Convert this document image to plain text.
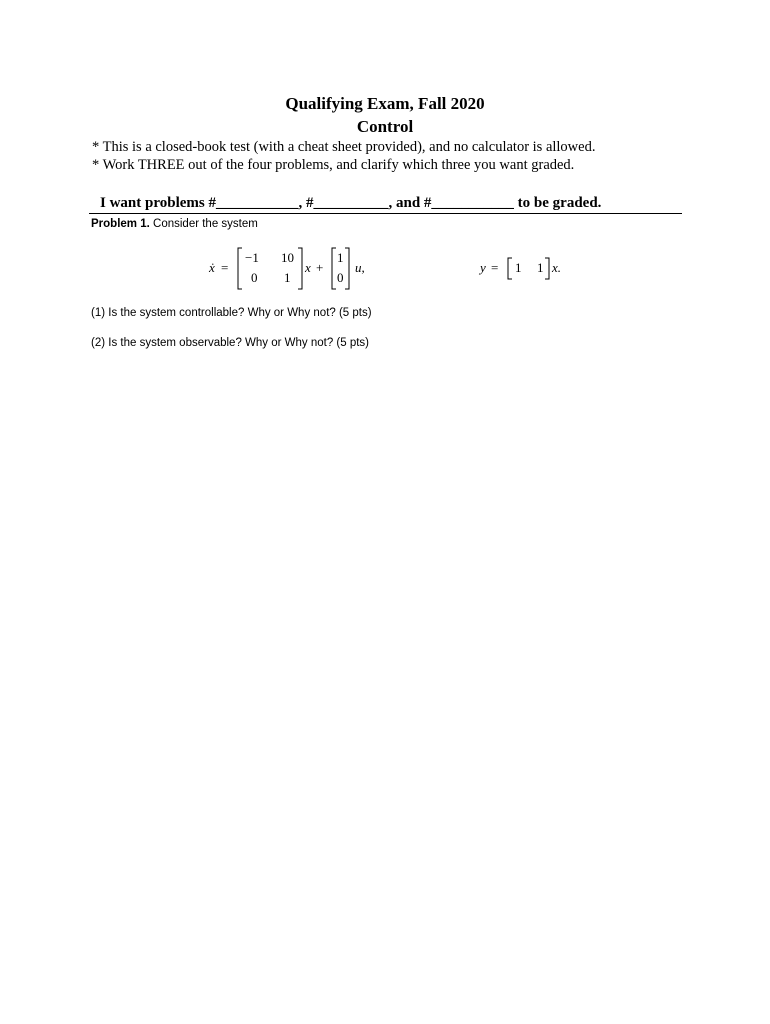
Qualifying Exam, Fall 2020
Control
* This is a closed-book test (with a cheat sheet provided), and no calculator is allowed.
* Work THREE out of the four problems, and clarify which three you want graded.
I want problems #___________, #__________, and #___________ to be graded.
Problem 1. Consider the system
ẋ =
−1 10
0 1
x +
1
0
u,	y = 1 1 x.
(1) Is the system controllable? Why or Why not? (5 pts)
(2) Is the system observable? Why or Why not? (5 pts)
